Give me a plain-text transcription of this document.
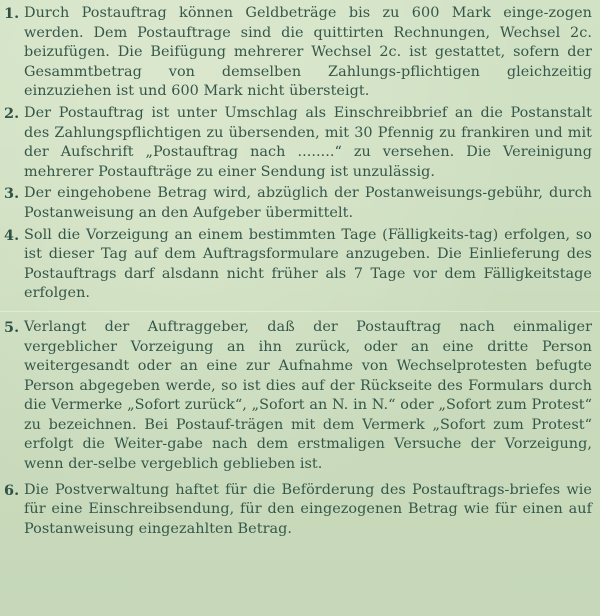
1. Durch Postauftrag können Geldbeträge bis zu 600 Mark einge-zogen werden. Dem Postauftrage sind die quittirten Rechnungen, Wechsel 2c. beizufügen. Die Beifügung mehrerer Wechsel 2c. ist gestattet, sofern der Gesammtbetrag von demselben Zahlungs-pflichtigen gleichzeitig einzuziehen ist und 600 Mark nicht übersteigt.
2. Der Postauftrag ist unter Umschlag als Einschreibbrief an die Postanstalt des Zahlungspflichtigen zu übersenden, mit 30 Pfennig zu frankiren und mit der Aufschrift „Postauftrag nach ........“ zu versehen. Die Vereinigung mehrerer Postaufträge zu einer Sendung ist unzulässig.
3. Der eingehobene Betrag wird, abzüglich der Postanweisungs-gebühr, durch Postanweisung an den Aufgeber übermittelt.
4. Soll die Vorzeigung an einem bestimmten Tage (Fälligkeits-tag) erfolgen, so ist dieser Tag auf dem Auftragsformulare anzugeben. Die Einlieferung des Postauftrags darf alsdann nicht früher als 7 Tage vor dem Fälligkeitstage erfolgen.
5. Verlangt der Auftraggeber, daß der Postauftrag nach einmaliger vergeblicher Vorzeigung an ihn zurück, oder an eine dritte Person weitergesandt oder an eine zur Aufnahme von Wechselprotesten befugte Person abgegeben werde, so ist dies auf der Rückseite des Formulars durch die Vermerke „Sofort zurück“, „Sofort an N. in N.“ oder „Sofort zum Protest“ zu bezeichnen. Bei Postauf-trägen mit dem Vermerk „Sofort zum Protest“ erfolgt die Weiter-gabe nach dem erstmaligen Versuche der Vorzeigung, wenn der-selbe vergeblich geblieben ist.
6. Die Postverwaltung haftet für die Beförderung des Postauftrags-briefes wie für eine Einschreibsendung, für den eingezogenen Betrag wie für einen auf Postanweisung eingezahlten Betrag.
